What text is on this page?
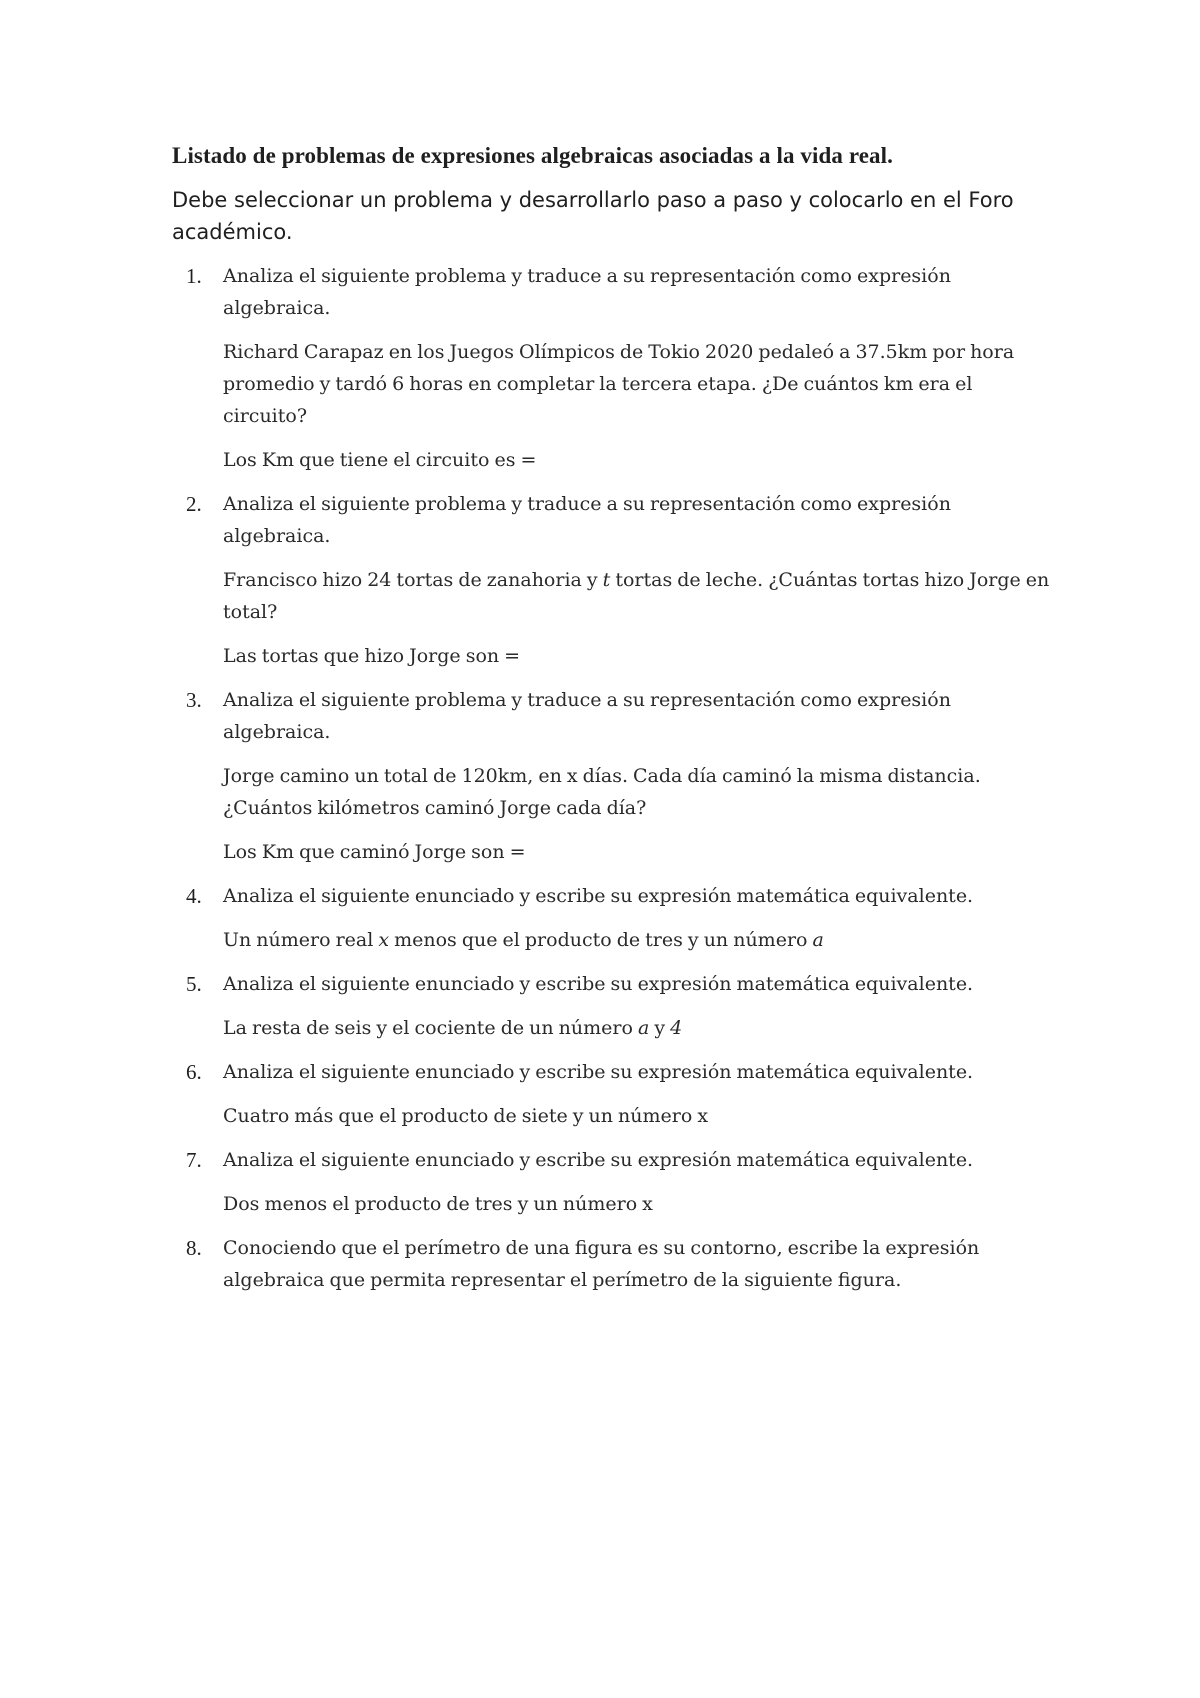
Listado de problemas de expresiones algebraicas asociadas a la vida real.

Debe seleccionar un problema y desarrollarlo paso a paso y colocarlo en el Foro académico.

1. Analiza el siguiente problema y traduce a su representación como expresión algebraica.

Richard Carapaz en los Juegos Olímpicos de Tokio 2020 pedaleó a 37.5km por hora promedio y tardó 6 horas en completar la tercera etapa. ¿De cuántos km era el circuito?

Los Km que tiene el circuito es =

2. Analiza el siguiente problema y traduce a su representación como expresión algebraica.

Francisco hizo 24 tortas de zanahoria y t tortas de leche. ¿Cuántas tortas hizo Jorge en total?

Las tortas que hizo Jorge son =

3. Analiza el siguiente problema y traduce a su representación como expresión algebraica.

Jorge camino un total de 120km, en x días. Cada día caminó la misma distancia. ¿Cuántos kilómetros caminó Jorge cada día?

Los Km que caminó Jorge son =

4. Analiza el siguiente enunciado y escribe su expresión matemática equivalente.

Un número real x menos que el producto de tres y un número a

5. Analiza el siguiente enunciado y escribe su expresión matemática equivalente.

La resta de seis y el cociente de un número a y 4

6. Analiza el siguiente enunciado y escribe su expresión matemática equivalente.

Cuatro más que el producto de siete y un número x

7. Analiza el siguiente enunciado y escribe su expresión matemática equivalente.

Dos menos el producto de tres y un número x

8. Conociendo que el perímetro de una figura es su contorno, escribe la expresión algebraica que permita representar el perímetro de la siguiente figura.
